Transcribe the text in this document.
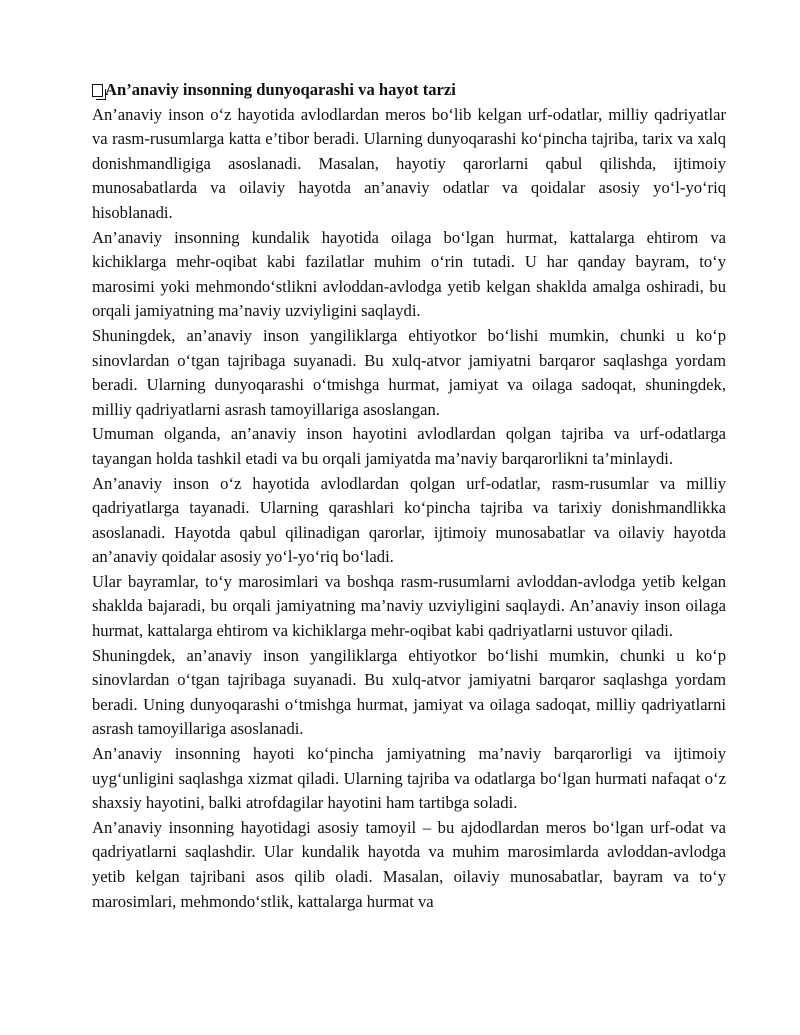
An’anaviy insonning dunyoqarashi va hayot tarzi

An’anaviy inson o‘z hayotida avlodlardan meros bo‘lib kelgan urf-odatlar, milliy qadriyatlar va rasm-rusumlarga katta e’tibor beradi. Ularning dunyoqarashi ko‘pincha tajriba, tarix va xalq donishmandligiga asoslanadi. Masalan, hayotiy qarorlarni qabul qilishda, ijtimoiy munosabatlarda va oilaviy hayotda an’anaviy odatlar va qoidalar asosiy yo‘l-yo‘riq hisoblanadi.

An’anaviy insonning kundalik hayotida oilaga bo‘lgan hurmat, kattalarga ehtirom va kichiklarga mehr-oqibat kabi fazilatlar muhim o‘rin tutadi. U har qanday bayram, to‘y marosimi yoki mehmondo‘stlikni avloddan-avlodga yetib kelgan shaklda amalga oshiradi, bu orqali jamiyatning ma’naviy uzviyligini saqlaydi.

Shuningdek, an’anaviy inson yangiliklarga ehtiyotkor bo‘lishi mumkin, chunki u ko‘p sinovlardan o‘tgan tajribaga suyanadi. Bu xulq-atvor jamiyatni barqaror saqlashga yordam beradi. Ularning dunyoqarashi o‘tmishga hurmat, jamiyat va oilaga sadoqat, shuningdek, milliy qadriyatlarni asrash tamoyillariga asoslangan.

Umuman olganda, an’anaviy inson hayotini avlodlardan qolgan tajriba va urf-odatlarga tayangan holda tashkil etadi va bu orqali jamiyatda ma’naviy barqarorlikni ta’minlaydi.

An’anaviy inson o‘z hayotida avlodlardan qolgan urf-odatlar, rasm-rusumlar va milliy qadriyatlarga tayanadi. Ularning qarashlari ko‘pincha tajriba va tarixiy donishmandlikka asoslanadi. Hayotda qabul qilinadigan qarorlar, ijtimoiy munosabatlar va oilaviy hayotda an’anaviy qoidalar asosiy yo‘l-yo‘riq bo‘ladi.

Ular bayramlar, to‘y marosimlari va boshqa rasm-rusumlarni avloddan-avlodga yetib kelgan shaklda bajaradi, bu orqali jamiyatning ma’naviy uzviyligini saqlaydi. An’anaviy inson oilaga hurmat, kattalarga ehtirom va kichiklarga mehr-oqibat kabi qadriyatlarni ustuvor qiladi.

Shuningdek, an’anaviy inson yangiliklarga ehtiyotkor bo‘lishi mumkin, chunki u ko‘p sinovlardan o‘tgan tajribaga suyanadi. Bu xulq-atvor jamiyatni barqaror saqlashga yordam beradi. Uning dunyoqarashi o‘tmishga hurmat, jamiyat va oilaga sadoqat, milliy qadriyatlarni asrash tamoyillariga asoslanadi.

An’anaviy insonning hayoti ko‘pincha jamiyatning ma’naviy barqarorligi va ijtimoiy uyg‘unligini saqlashga xizmat qiladi. Ularning tajriba va odatlarga bo‘lgan hurmati nafaqat o‘z shaxsiy hayotini, balki atrofdagilar hayotini ham tartibga soladi.

An’anaviy insonning hayotidagi asosiy tamoyil – bu ajdodlardan meros bo‘lgan urf-odat va qadriyatlarni saqlashdir. Ular kundalik hayotda va muhim marosimlarda avloddan-avlodga yetib kelgan tajribani asos qilib oladi. Masalan, oilaviy munosabatlar, bayram va to‘y marosimlari, mehmondo‘stlik, kattalarga hurmat va
